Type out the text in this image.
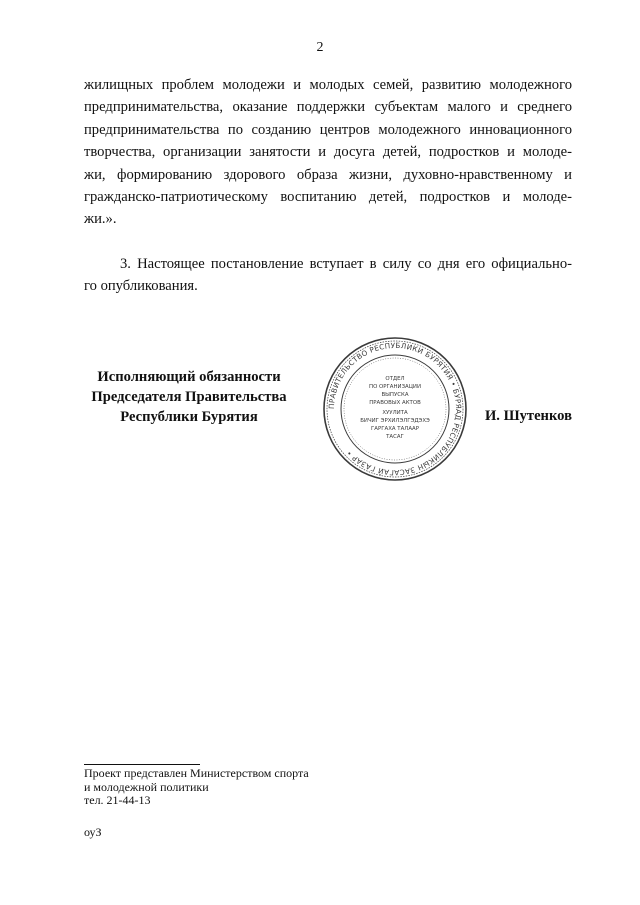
2

жилищных проблем молодежи и молодых семей, развитию молодежного

предпринимательства, оказание поддержки субъектам малого и среднего

предпринимательства по созданию центров молодежного инновационного

творчества, организации занятости и досуга детей, подростков и молоде-

жи, формированию здорового образа жизни, духовно-нравственному и

гражданско-патриотическому воспитанию детей, подростков и молоде-

жи.».

3. Настоящее постановление вступает в силу со дня его официально-

го опубликования.

Исполняющий обязанности
Председателя Правительства
Республики Бурятия
ПРАВИТЕЛЬСТВО РЕСПУБЛИКИ БУРЯТИЯ • БУРЯАД РЕСПУБЛИКЫН ЗАСАГАЙ ГАЗАР •
ОТДЕЛ
ПО ОРГАНИЗАЦИИ
ВЫПУСКА
ПРАВОВЫХ АКТОВ
ХУУЛИТА
БИЧИГ ЭРХИЛЭЛГЭДЭХЭ
ГАРГАХА ТАЛААР
ТАСАГ
И. Шутенков

Проект представлен Министерством спорта

и молодежной политики

тел. 21-44-13

оуЗ
